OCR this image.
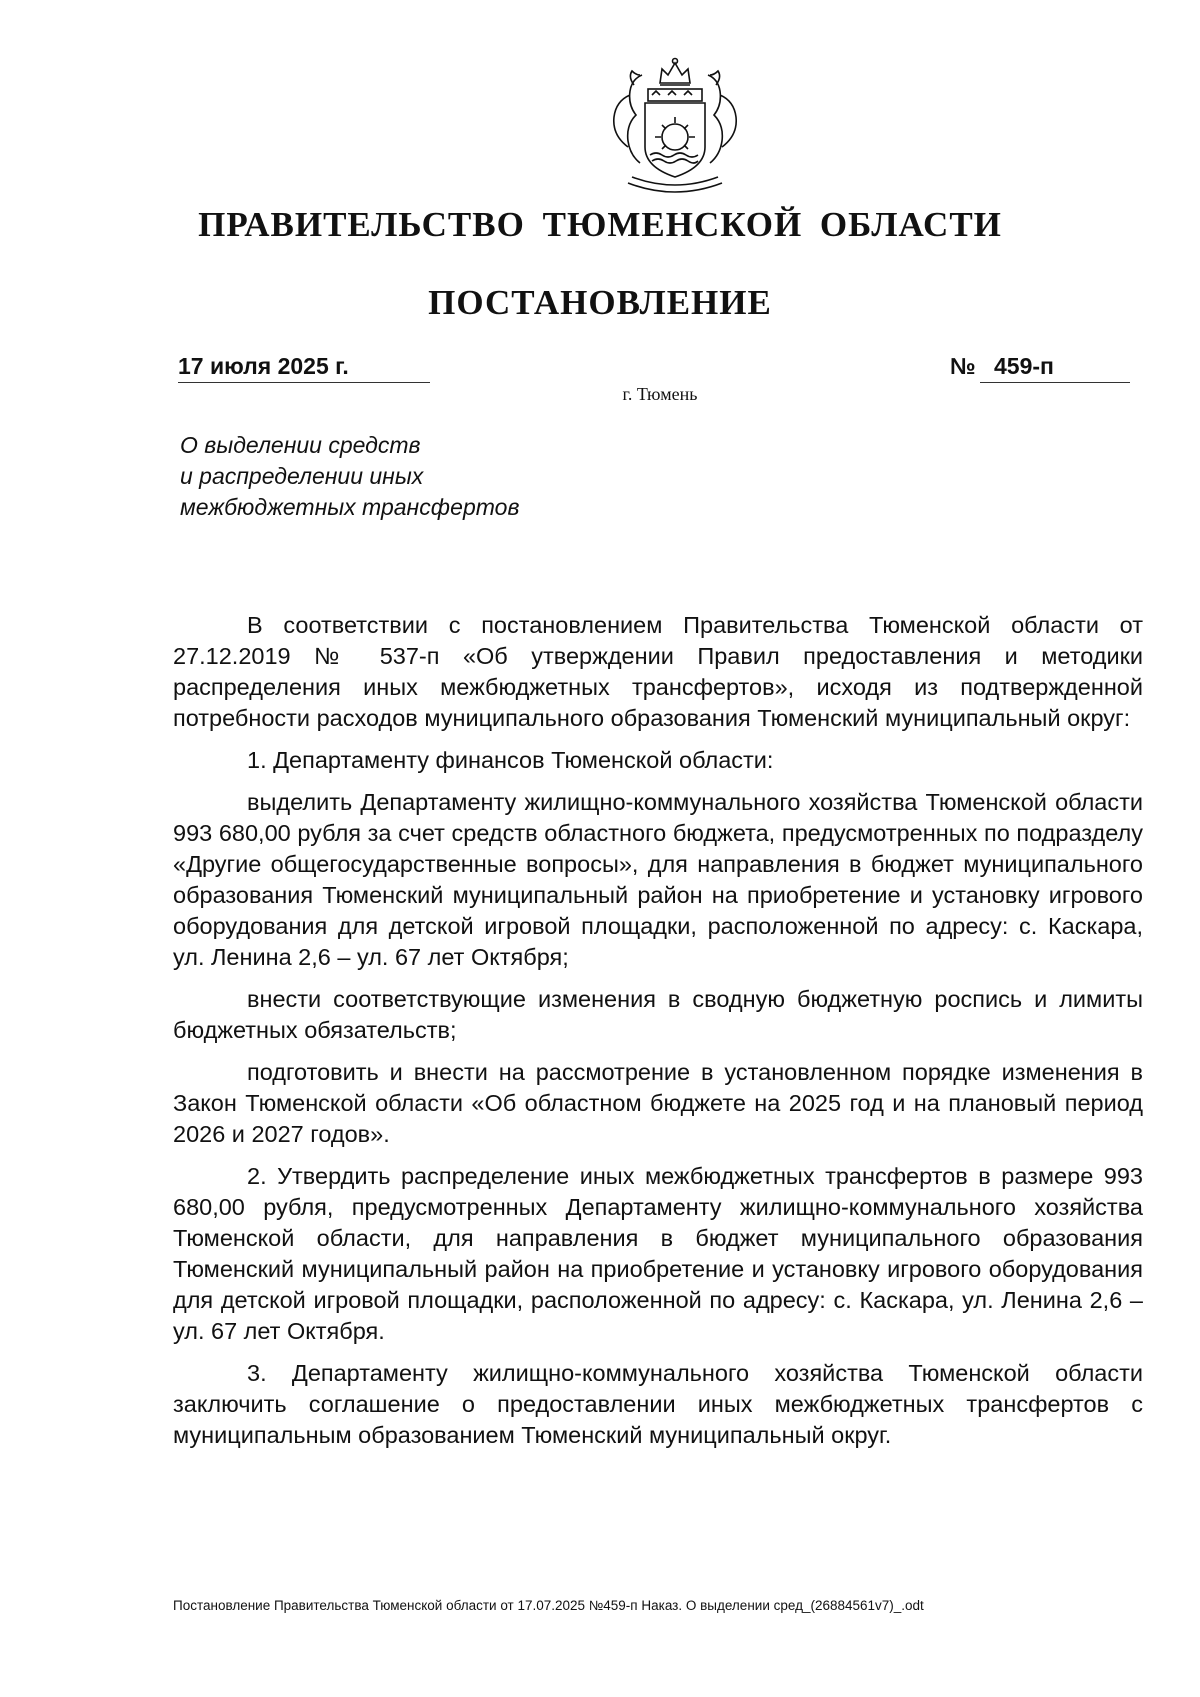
ПРАВИТЕЛЬСТВО ТЮМЕНСКОЙ ОБЛАСТИ
ПОСТАНОВЛЕНИЕ
17 июля 2025 г.	№ 459-п
г. Тюмень
О выделении средств
и распределении иных
межбюджетных трансфертов

В соответствии с постановлением Правительства Тюменской области от 27.12.2019 № 537-п «Об утверждении Правил предоставления и методики распределения иных межбюджетных трансфертов», исходя из подтвержденной потребности расходов муниципального образования Тюменский муниципальный округ:

1. Департаменту финансов Тюменской области:

выделить Департаменту жилищно-коммунального хозяйства Тюменской области 993 680,00 рубля за счет средств областного бюджета, предусмотренных по подразделу «Другие общегосударственные вопросы», для направления в бюджет муниципального образования Тюменский муниципальный район на приобретение и установку игрового оборудования для детской игровой площадки, расположенной по адресу: с. Каскара, ул. Ленина 2,6 – ул. 67 лет Октября;

внести соответствующие изменения в сводную бюджетную роспись и лимиты бюджетных обязательств;

подготовить и внести на рассмотрение в установленном порядке изменения в Закон Тюменской области «Об областном бюджете на 2025 год и на плановый период 2026 и 2027 годов».

2. Утвердить распределение иных межбюджетных трансфертов в размере 993 680,00 рубля, предусмотренных Департаменту жилищно-коммунального хозяйства Тюменской области, для направления в бюджет муниципального образования Тюменский муниципальный район на приобретение и установку игрового оборудования для детской игровой площадки, расположенной по адресу: с. Каскара, ул. Ленина 2,6 – ул. 67 лет Октября.

3. Департаменту жилищно-коммунального хозяйства Тюменской области заключить соглашение о предоставлении иных межбюджетных трансфертов с муниципальным образованием Тюменский муниципальный округ.

Постановление Правительства Тюменской области от 17.07.2025 №459-п Наказ. О выделении сред_(26884561v7)_.odt
